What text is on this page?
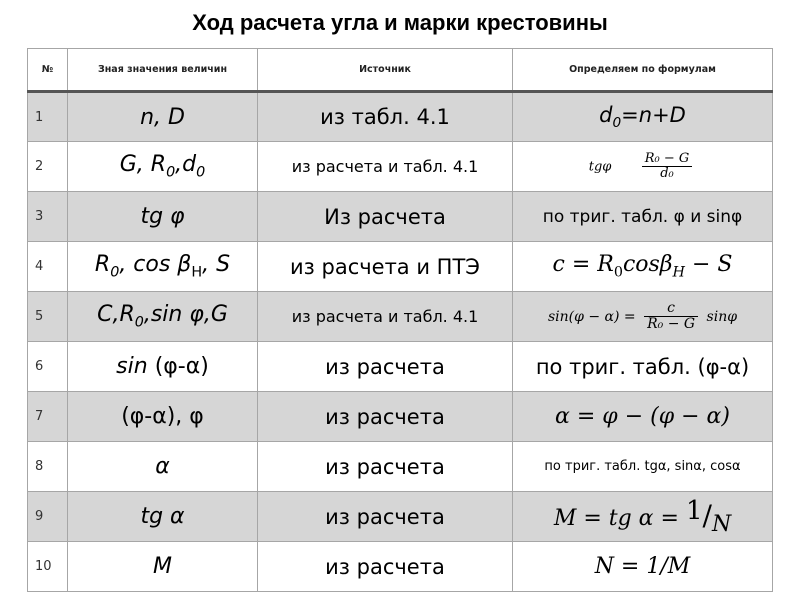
Ход расчета угла и марки крестовины
№	Зная значения величин	Источник	Определяем по формулам
1	n, D	из табл. 4.1	$d_0=n+D$
2	G, $R_0,d_0$	из расчета и табл. 4.1	tgφ $\frac{\text{R₀ − G}}{\text{d₀}}$

3	tg φ	Из расчета	по триг. табл. φ и sinφ
4	$R_0$, $\cos \beta_Н$, S	из расчета и ПТЭ	$c = R_0\cos\beta_H - S$
5	$C,R_0,\sin$ φ,G	из расчета и табл. 4.1	$\sin(\varphi - \alpha) = \frac{c}{\text{R₀ − G}}$ sinφ
6	sin (φ-α)	из расчета	по триг. табл. (φ-α)
7	(φ-α), φ	из расчета	α = φ − (φ − α)
8	α	из расчета	по триг. табл. tgα, sinα, cosα
9	tg α	из расчета	M = tg α = 1/N
10	M	из расчета	N = 1/M
